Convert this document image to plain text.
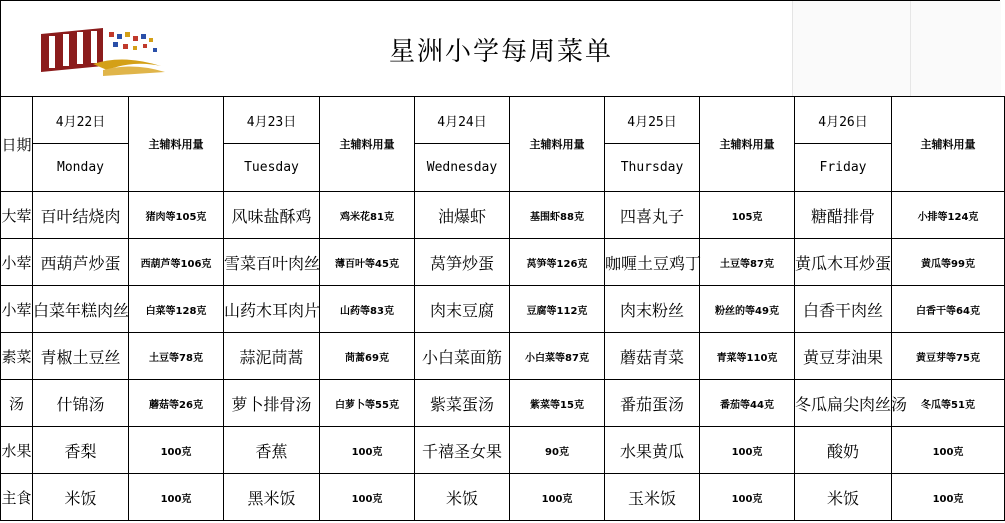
星洲小学每周菜单
日期	4月22日	主辅料用量	4月23日	主辅料用量	4月24日	主辅料用量	4月25日	主辅料用量	4月26日	主辅料用量
	Monday		Tuesday		Wednesday		Thursday		Friday	
大荤	百叶结烧肉	猪肉等105克	风味盐酥鸡	鸡米花81克	油爆虾	基围虾88克	四喜丸子	105克	糖醋排骨	小排等124克
小荤	西葫芦炒蛋	西葫芦等106克	雪菜百叶肉丝	薄百叶等45克	莴笋炒蛋	莴笋等126克	咖喱土豆鸡丁	土豆等87克	黄瓜木耳炒蛋	黄瓜等99克
小荤	白菜年糕肉丝	白菜等128克	山药木耳肉片	山药等83克	肉末豆腐	豆腐等112克	肉末粉丝	粉丝的等49克	白香干肉丝	白香干等64克
素菜	青椒土豆丝	土豆等78克	蒜泥茼蒿	茼蒿69克	小白菜面筋	小白菜等87克	蘑菇青菜	青菜等110克	黄豆芽油果	黄豆芽等75克
汤	什锦汤	蘑菇等26克	萝卜排骨汤	白萝卜等55克	紫菜蛋汤	紫菜等15克	番茄蛋汤	番茄等44克	冬瓜扁尖肉丝汤	冬瓜等51克
水果	香梨	100克	香蕉	100克	千禧圣女果	90克	水果黄瓜	100克	酸奶	100克
主食	米饭	100克	黑米饭	100克	米饭	100克	玉米饭	100克	米饭	100克
